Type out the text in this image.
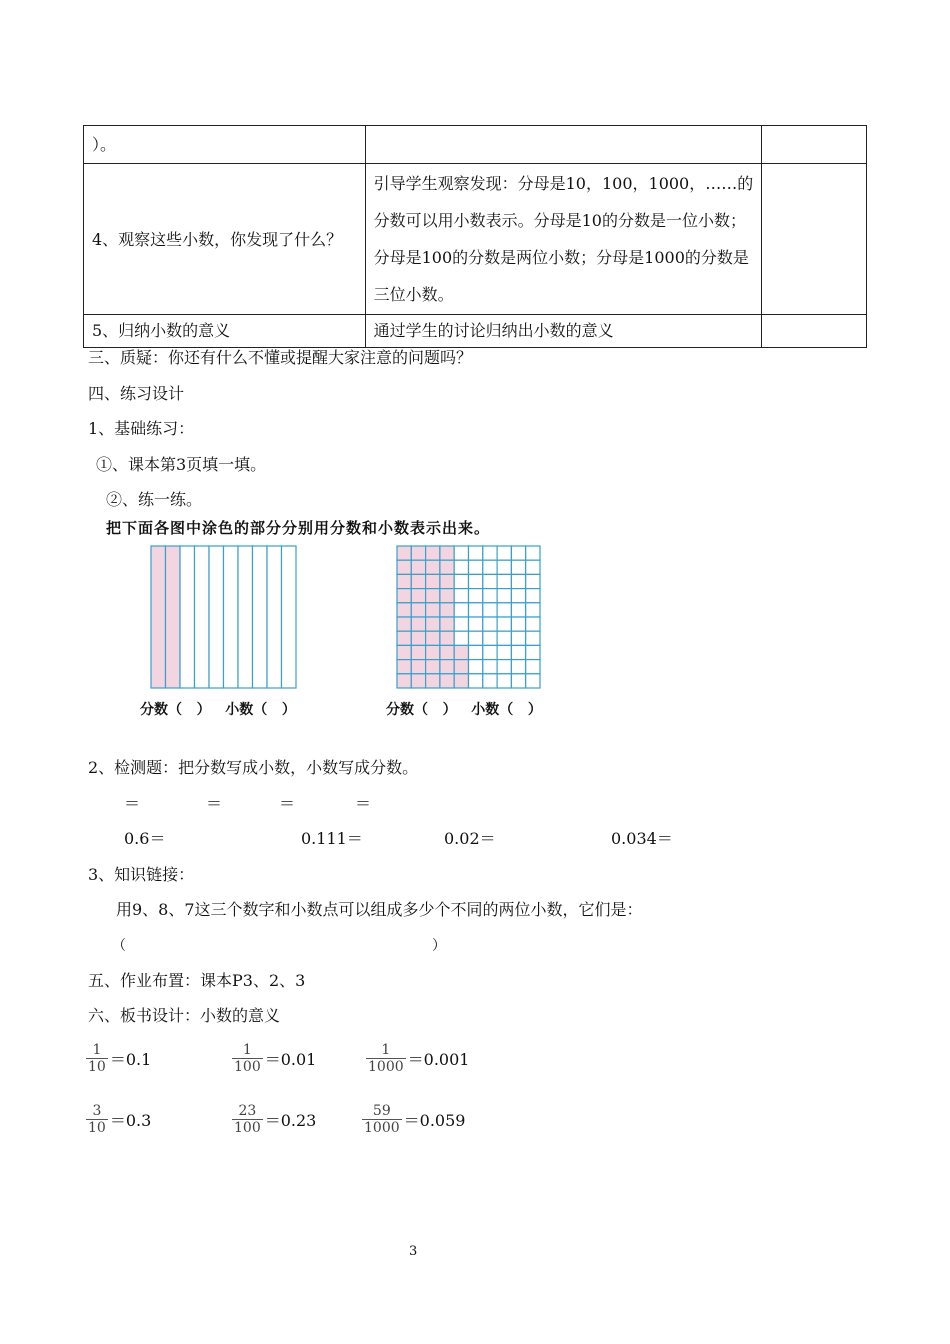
）。		
4、观察这些小数，你发现了什么？	引导学生观察发现：分母是10，100，1000，……的分数可以用小数表示。分母是10的分数是一位小数；分母是100的分数是两位小数；分母是1000的分数是三位小数。	
5、归纳小数的意义	通过学生的讨论归纳出小数的意义	
三、质疑：你还有什么不懂或提醒大家注意的问题吗？
四、练习设计
1、基础练习：
①、课本第3页填一填。
②、练一练。
把下面各图中涂色的部分分别用分数和小数表示出来。
分数（   ）   小数（   ）	分数（   ）   小数（   ）
2、检测题：把分数写成小数，小数写成分数。
＝	＝	＝	＝
0.6＝	0.111＝	0.02＝	0.034＝
3、知识链接：
用9、8、7这三个数字和小数点可以组成多少个不同的两位小数，它们是：
（	）
五、作业布置：课本P3、2、3
六、板书设计：小数的意义
$\frac{1}{10} =0.1$	$\frac{1}{100} =0.01$	$\frac{1}{1000} =0.001$
$\frac{3}{10} =0.3$	$\frac{23}{100} =0.23$	$\frac{59}{1000} =0.059$
3
